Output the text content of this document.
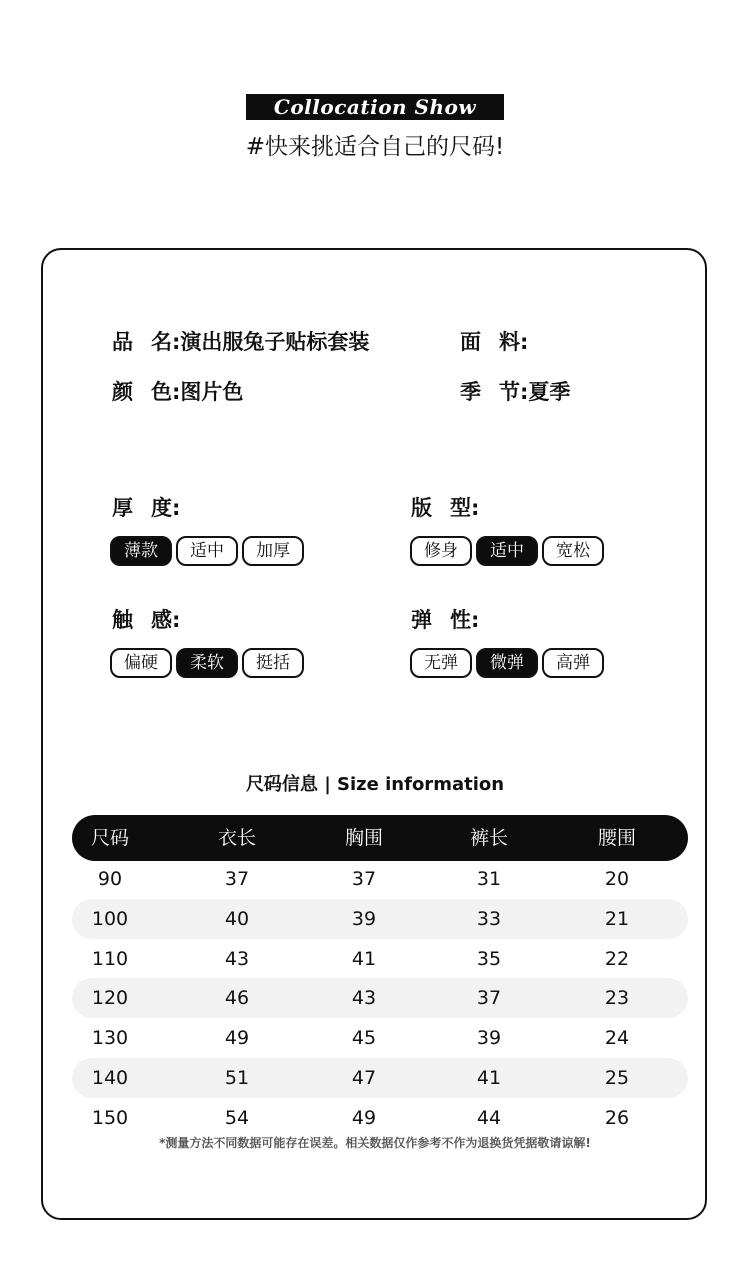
Collocation Show
#快来挑适合自己的尺码!
品名:演出服兔子贴标套装	面料:
颜色:图片色	季节:夏季
厚度:
薄款	适中	加厚
版型:
修身	适中	宽松
触感:
偏硬	柔软	挺括
弹性:
无弹	微弹	高弹
尺码信息 | Size information
尺码	衣长	胸围	裤长	腰围
90	37	37	31	20
100	40	39	33	21
110	43	41	35	22
120	46	43	37	23
130	49	45	39	24
140	51	47	41	25
150	54	49	44	26
*测量方法不同数据可能存在误差。相关数据仅作参考不作为退换货凭据敬请谅解!
